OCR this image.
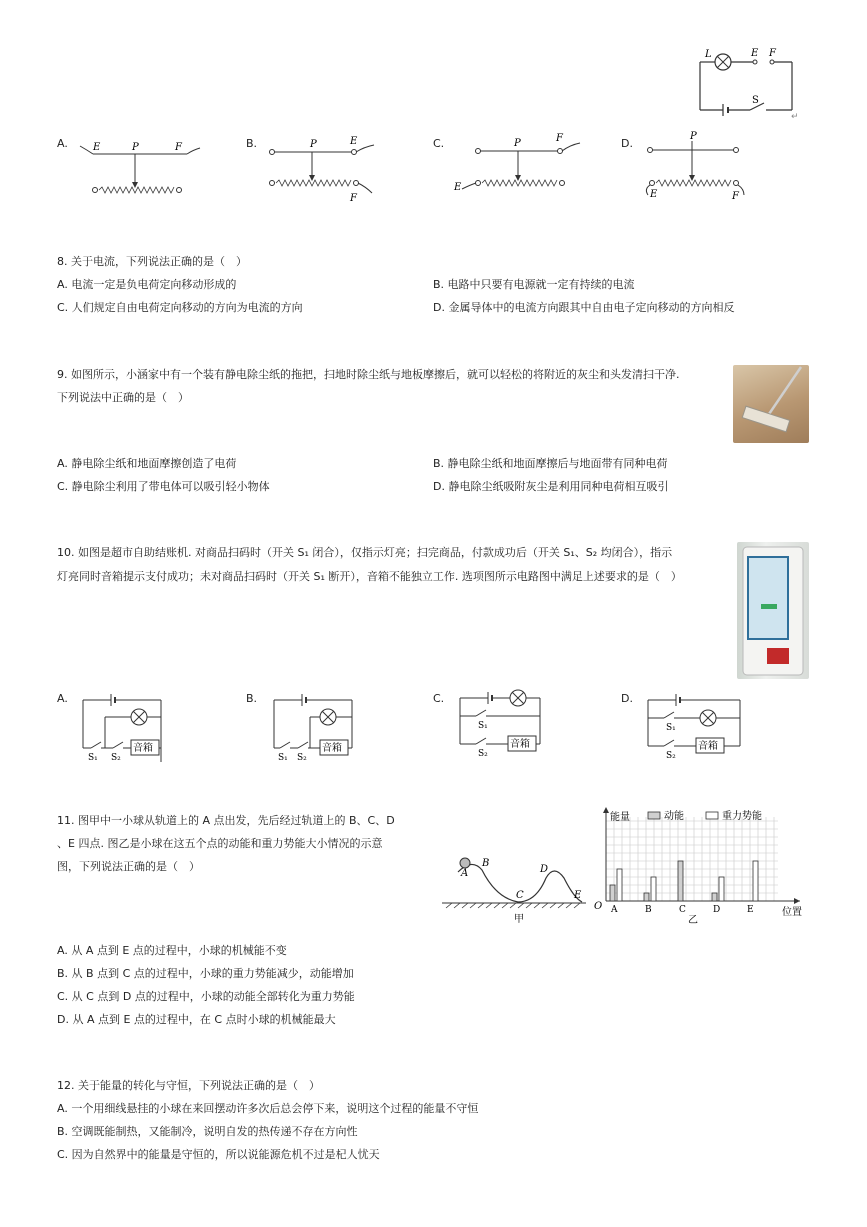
L	E F
S
↵
A.	E	P	F	B.	P	E
F
C.	P	F
E
D.
P
E	F
8. 关于电流，下列说法正确的是（　）
A. 电流一定是负电荷定向移动形成的	B. 电路中只要有电源就一定有持续的电流
C. 人们规定自由电荷定向移动的方向为电流的方向	D. 金属导体中的电流方向跟其中自由电子定向移动的方向相反
9. 如图所示，小涵家中有一个装有静电除尘纸的拖把，扫地时除尘纸与地板摩擦后，就可以轻松的将附近的灰尘和头发清扫干净.
下列说法中正确的是（　）
A. 静电除尘纸和地面摩擦创造了电荷	B. 静电除尘纸和地面摩擦后与地面带有同种电荷
C. 静电除尘利用了带电体可以吸引轻小物体	D. 静电除尘纸吸附灰尘是利用同种电荷相互吸引
10. 如图是超市自助结账机. 对商品扫码时（开关 S₁ 闭合），仅指示灯亮；扫完商品，付款成功后（开关 S₁、S₂ 均闭合），指示
灯亮同时音箱提示支付成功；未对商品扫码时（开关 S₁ 断开），音箱不能独立工作. 选项图所示电路图中满足上述要求的是（　）
A.
音箱
S₁ S₂
B.
音箱
S₁ S₂
C.
音箱
S₁
S₂
D.
音箱
S₁
S₂
11. 图甲中一小球从轨道上的 A 点出发，先后经过轨道上的 B、C、D
、E 四点. 图乙是小球在这五个点的动能和重力势能大小情况的示意
图，下列说法正确的是（　）
A
B
C
D
E
甲
能量
位置
O
乙
动能	重力势能
A	B	C	D	E
A. 从 A 点到 E 点的过程中，小球的机械能不变
B. 从 B 点到 C 点的过程中，小球的重力势能减少，动能增加
C. 从 C 点到 D 点的过程中，小球的动能全部转化为重力势能
D. 从 A 点到 E 点的过程中，在 C 点时小球的机械能最大
12. 关于能量的转化与守恒，下列说法正确的是（　）
A. 一个用细线悬挂的小球在来回摆动许多次后总会停下来，说明这个过程的能量不守恒
B. 空调既能制热，又能制冷，说明自发的热传递不存在方向性
C. 因为自然界中的能量是守恒的，所以说能源危机不过是杞人忧天
